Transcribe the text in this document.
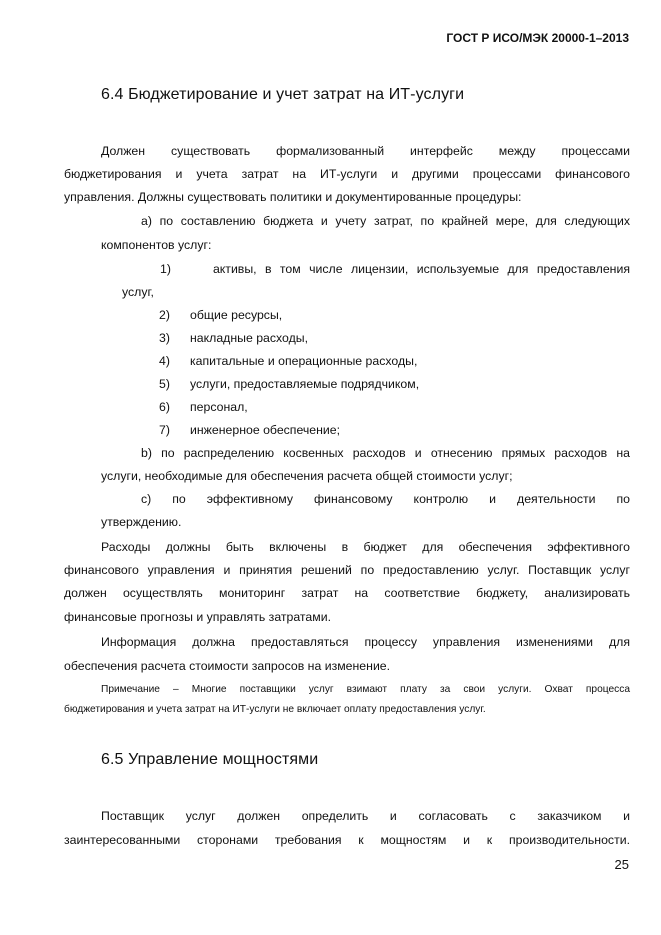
ГОСТ Р ИСО/МЭК 20000-1–2013
6.4 Бюджетирование и учет затрат на ИТ-услуги
Должен существовать формализованный интерфейс между процессами
бюджетирования и учета затрат на ИТ-услуги и другими процессами финансового
управления. Должны существовать политики и документированные процедуры:
a) по составлению бюджета и учету затрат, по крайней мере, для следующих
компонентов услуг:
1)	активы, в том числе лицензии, используемые для предоставления
услуг,
2) общие ресурсы,
3) накладные расходы,
4) капитальные и операционные расходы,
5) услуги, предоставляемые подрядчиком,
6) персонал,
7) инженерное обеспечение;
b) по распределению косвенных расходов и отнесению прямых расходов на
услуги, необходимые для обеспечения расчета общей стоимости услуг;
c) по эффективному финансовому контролю и деятельности по
утверждению.
Расходы должны быть включены в бюджет для обеспечения эффективного
финансового управления и принятия решений по предоставлению услуг. Поставщик услуг
должен осуществлять мониторинг затрат на соответствие бюджету, анализировать
финансовые прогнозы и управлять затратами.
Информация должна предоставляться процессу управления изменениями для
обеспечения расчета стоимости запросов на изменение.
Примечание – Многие поставщики услуг взимают плату за свои услуги. Охват процесса
бюджетирования и учета затрат на ИТ-услуги не включает оплату предоставления услуг.
6.5 Управление мощностями
Поставщик услуг должен определить и согласовать с заказчиком и
заинтересованными сторонами требования к мощностям и к производительности.
25
